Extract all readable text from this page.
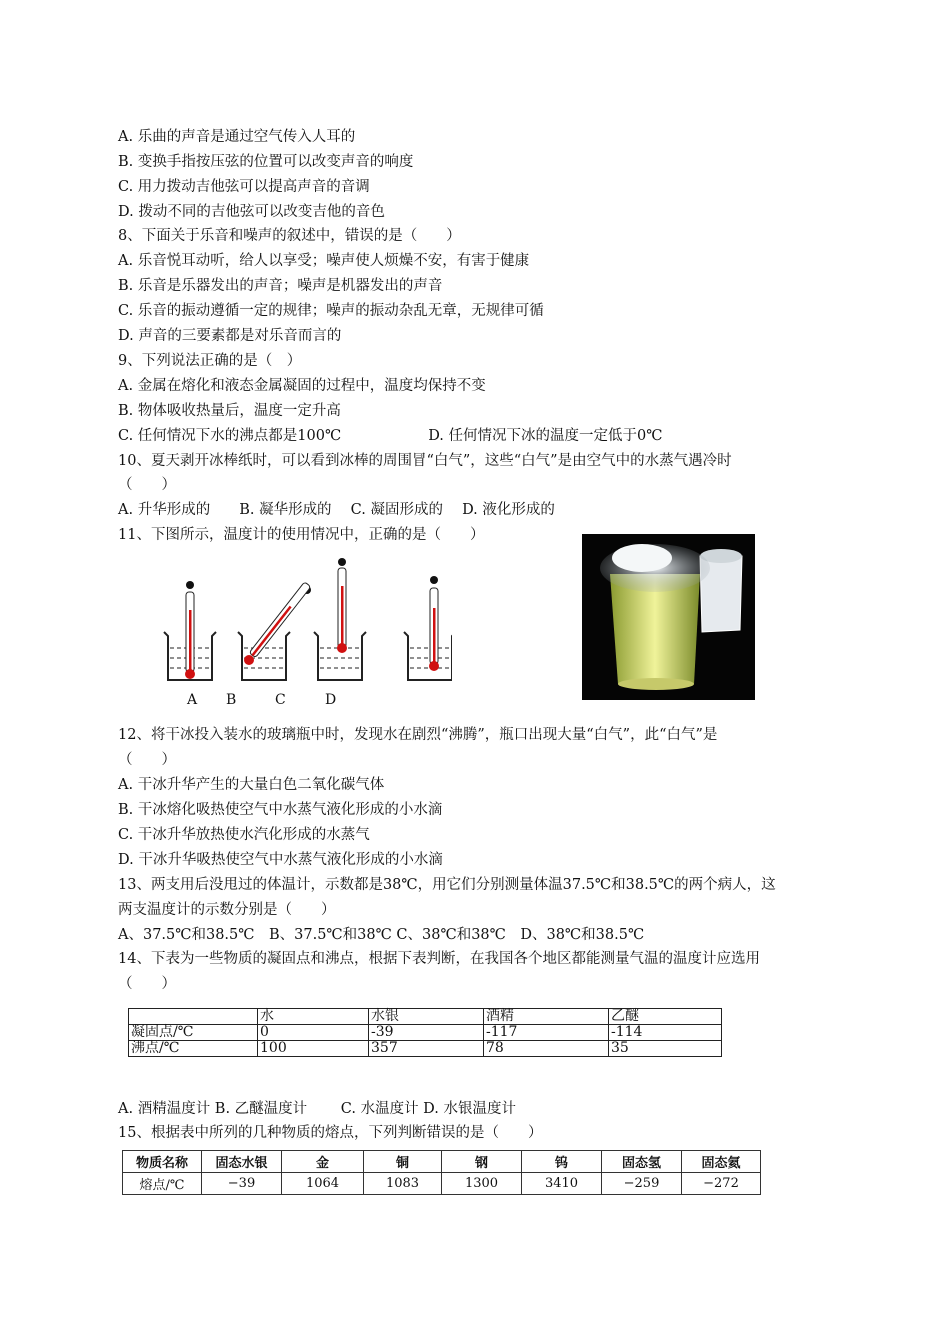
A. 乐曲的声音是通过空气传入人耳的
B. 变换手指按压弦的位置可以改变声音的响度
C. 用力拨动吉他弦可以提高声音的音调
D. 拨动不同的吉他弦可以改变吉他的音色
8、下面关于乐音和噪声的叙述中，错误的是（　　）
A. 乐音悦耳动听，给人以享受；噪声使人烦燥不安，有害于健康
B. 乐音是乐器发出的声音；噪声是机器发出的声音
C. 乐音的振动遵循一定的规律；噪声的振动杂乱无章，无规律可循
D. 声音的三要素都是对乐音而言的
9、下列说法正确的是（　）
A. 金属在熔化和液态金属凝固的过程中，温度均保持不变
B. 物体吸收热量后，温度一定升高
C. 任何情况下水的沸点都是100℃　　　　　　D. 任何情况下冰的温度一定低于0℃
10、夏天剥开冰棒纸时，可以看到冰棒的周围冒“白气”，这些“白气”是由空气中的水蒸气遇冷时
（　　）
A. 升华形成的　　B. 凝华形成的　 C. 凝固形成的　 D. 液化形成的
11、下图所示，温度计的使用情况中，正确的是（　　）
A B	C	D
12、将干冰投入装水的玻璃瓶中时，发现水在剧烈“沸腾”，瓶口出现大量“白气”，此“白气”是
（　　）
A. 干冰升华产生的大量白色二氧化碳气体
B. 干冰熔化吸热使空气中水蒸气液化形成的小水滴
C. 干冰升华放热使水汽化形成的水蒸气
D. 干冰升华吸热使空气中水蒸气液化形成的小水滴
13、两支用后没甩过的体温计，示数都是38℃，用它们分别测量体温37.5℃和38.5℃的两个病人，这
两支温度计的示数分别是（　　）
A、37.5℃和38.5℃　B、37.5℃和38℃ C、38℃和38℃　D、38℃和38.5℃
14、下表为一些物质的凝固点和沸点，根据下表判断，在我国各个地区都能测量气温的温度计应选用
（　　）
	水	水银	酒精	乙醚
凝固点/℃	0	-39	-117	-114
沸点/℃	100	357	78	35
A. 酒精温度计 B. 乙醚温度计　　 C. 水温度计 D. 水银温度计
15、根据表中所列的几种物质的熔点，下列判断错误的是（　　）
物质名称	固态水银	金	铜	钢	钨	固态氢	固态氦
熔点/℃	−39	1064	1083	1300	3410	−259	−272
